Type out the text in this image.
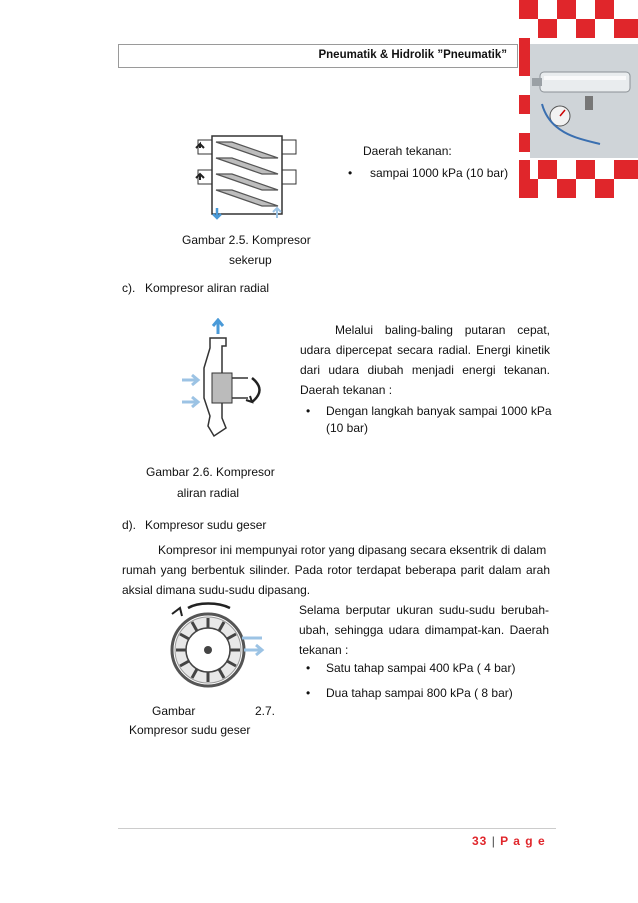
Pneumatik & Hidrolik ”Pneumatik”
Daerah tekanan:
• sampai 1000 kPa (10 bar)
Gambar 2.5. Kompresor
sekerup
c). Kompresor aliran radial
Melalui baling-baling putaran cepat,
udara dipercepat secara radial. Energi kinetik
dari udara diubah menjadi energi tekanan.
Daerah tekanan :
• Dengan langkah banyak sampai 1000 kPa
(10 bar)
Gambar 2.6. Kompresor
aliran radial
d). Kompresor sudu geser
Kompresor ini mempunyai rotor yang dipasang secara eksentrik di dalam
rumah yang berbentuk silinder. Pada rotor terdapat beberapa parit dalam arah
aksial dimana sudu-sudu dipasang.
Selama berputar ukuran sudu-sudu berubah-
ubah, sehingga udara dimampat-kan. Daerah
tekanan :
• Satu tahap sampai 400 kPa ( 4 bar)
• Dua tahap sampai 800 kPa ( 8 bar)
Gambar	2.7.
Kompresor sudu geser
33 | P a g e
